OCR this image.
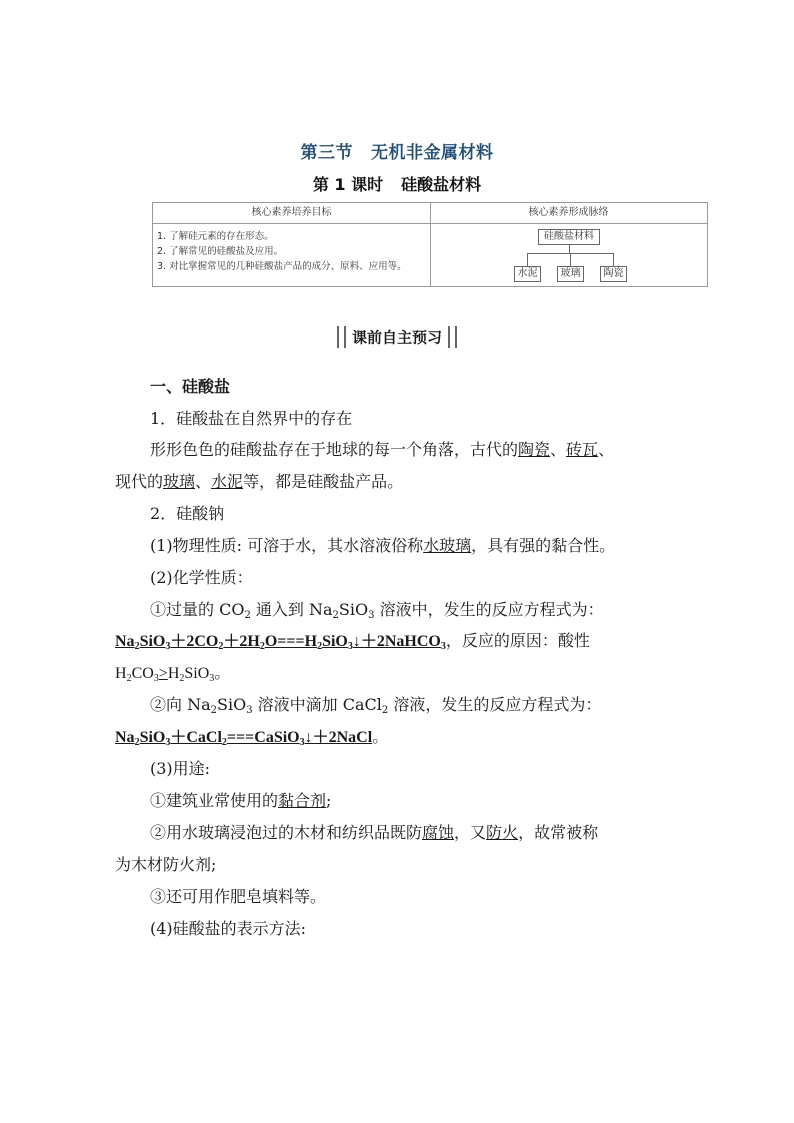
第三节 无机非金属材料
第 1 课时 硅酸盐材料
核心素养培养目标	核心素养形成脉络
1. 了解硅元素的存在形态。
2. 了解常见的硅酸盐及应用。
3. 对比掌握常见的几种硅酸盐产品的成分、原料、应用等。
硅酸盐材料
水泥	玻璃	陶瓷
课前自主预习
一、硅酸盐
1．硅酸盐在自然界中的存在
形形色色的硅酸盐存在于地球的每一个角落，古代的陶瓷、砖瓦、
现代的玻璃、水泥等，都是硅酸盐产品。
2．硅酸钠
(1)物理性质: 可溶于水，其水溶液俗称水玻璃，具有强的黏合性。
(2)化学性质：
①过量的 $CO_2$ 通入到 $Na_2SiO_3$ 溶液中，发生的反应方程式为：
$Na_2SiO_3+2CO_2+2H_2O===H_2SiO_3↓+2NaHCO_3$，反应的原因：酸性
$H_2CO_3>H_2SiO_3$。
②向 $Na_2SiO_3$ 溶液中滴加 CaCl$_2$ 溶液，发生的反应方程式为：
$Na_2SiO_3+CaCl_2===CaSiO_3↓+2NaCl$。
(3)用途:
①建筑业常使用的黏合剂;
②用水玻璃浸泡过的木材和纺织品既防腐蚀，又防火，故常被称
为木材防火剂;
③还可用作肥皂填料等。
(4)硅酸盐的表示方法:
